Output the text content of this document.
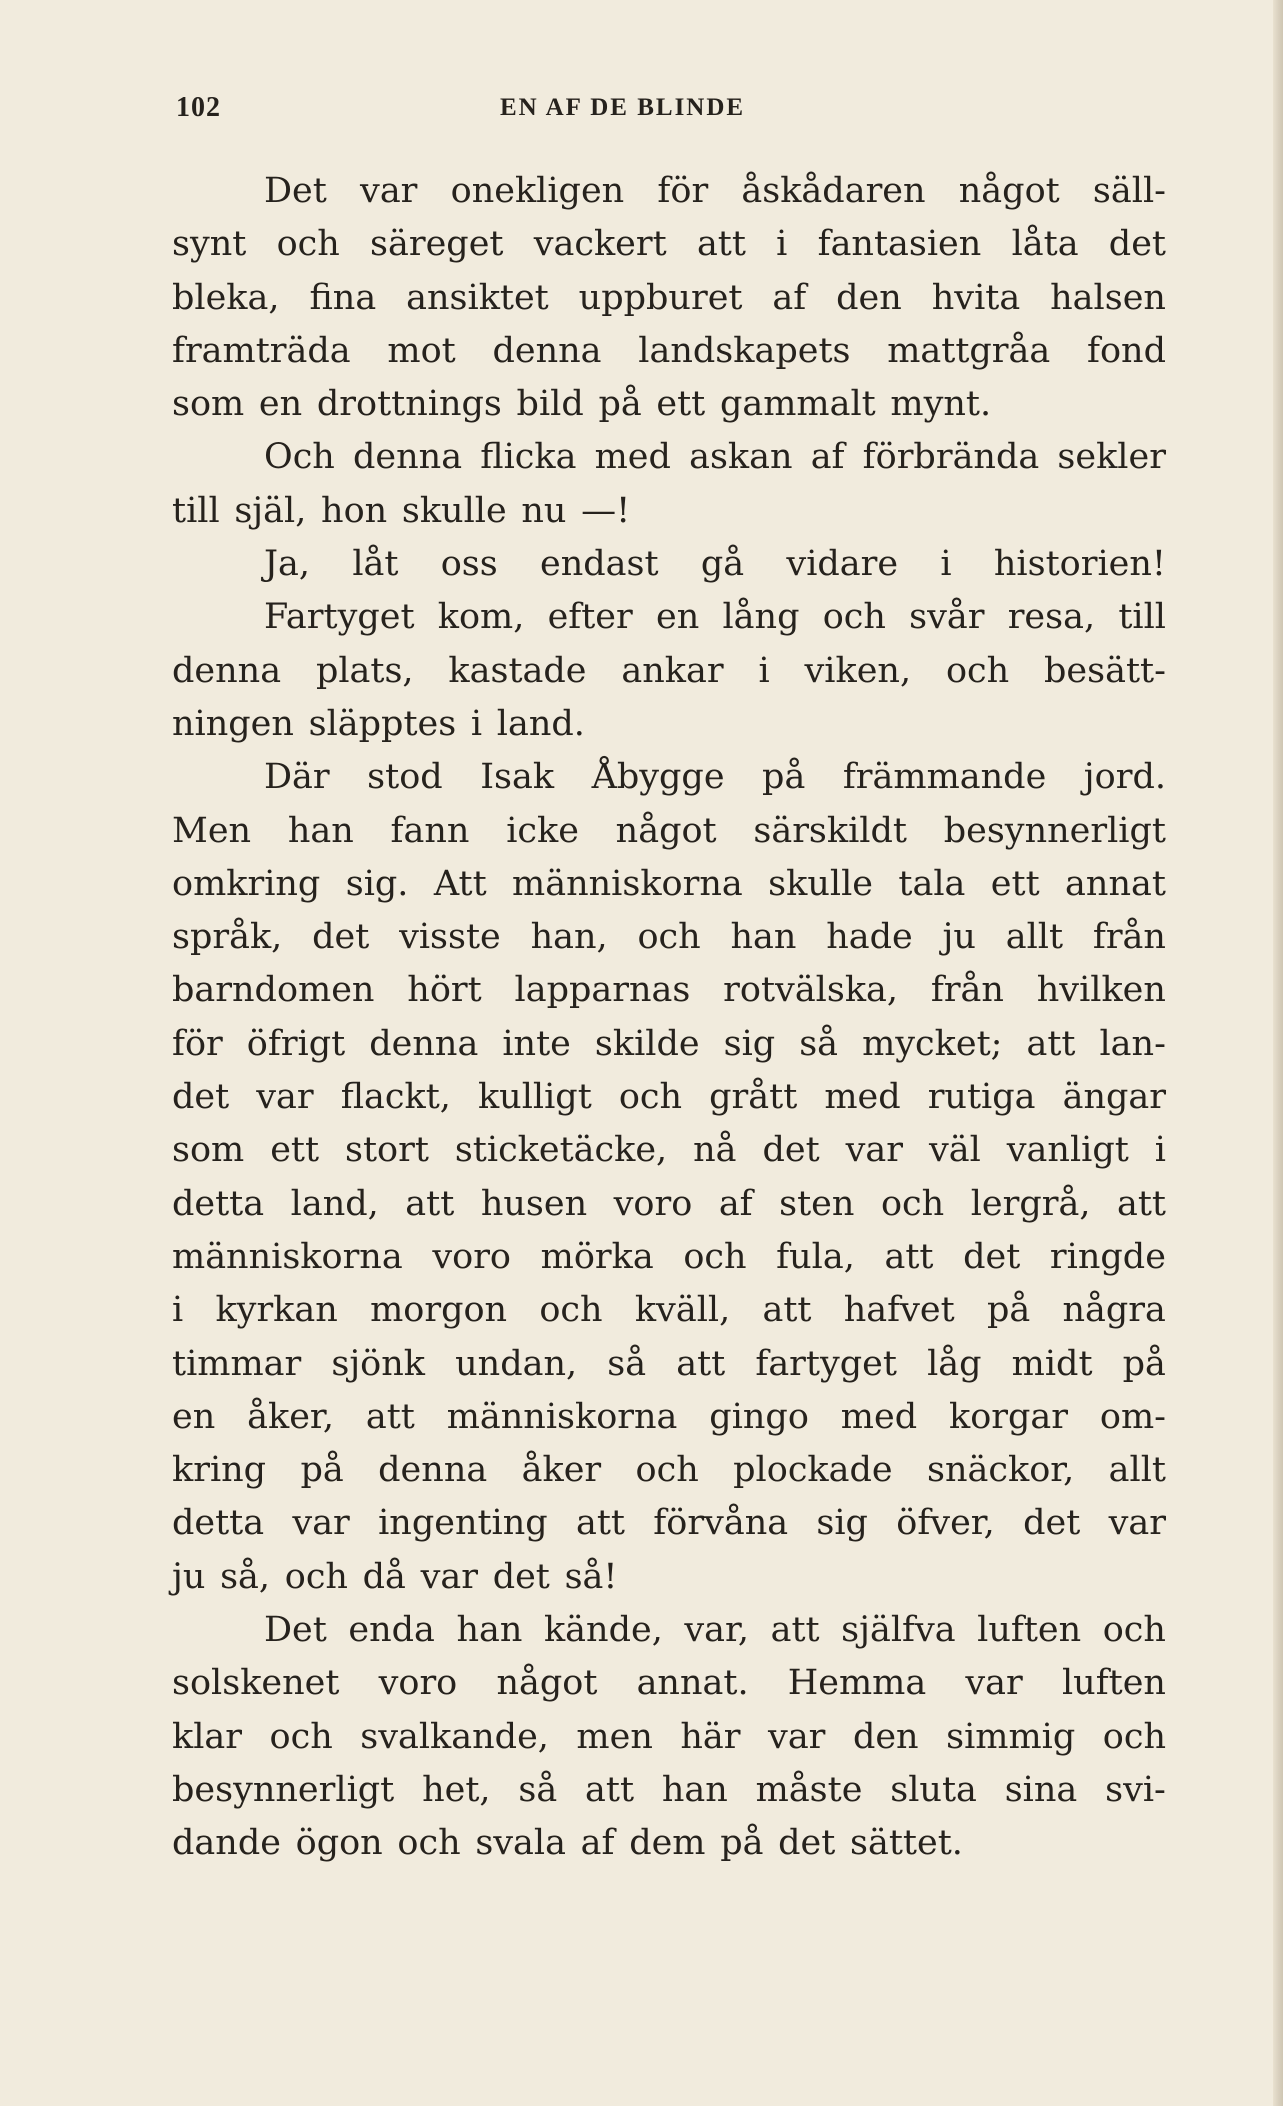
102	EN AF DE BLINDE
Det var onekligen för åskådaren något säll-
synt och säreget vackert att i fantasien låta det
bleka, fina ansiktet uppburet af den hvita halsen
framträda mot denna landskapets mattgråa fond
som en drottnings bild på ett gammalt mynt.
Och denna flicka med askan af förbrända sekler
till själ, hon skulle nu —!
Ja, låt oss endast gå vidare i historien!
Fartyget kom, efter en lång och svår resa, till
denna plats, kastade ankar i viken, och besätt-
ningen släpptes i land.
Där stod Isak Åbygge på främmande jord.
Men han fann icke något särskildt besynnerligt
omkring sig. Att människorna skulle tala ett annat
språk, det visste han, och han hade ju allt från
barndomen hört lapparnas rotvälska, från hvilken
för öfrigt denna inte skilde sig så mycket; att lan-
det var flackt, kulligt och grått med rutiga ängar
som ett stort sticketäcke, nå det var väl vanligt i
detta land, att husen voro af sten och lergrå, att
människorna voro mörka och fula, att det ringde
i kyrkan morgon och kväll, att hafvet på några
timmar sjönk undan, så att fartyget låg midt på
en åker, att människorna gingo med korgar om-
kring på denna åker och plockade snäckor, allt
detta var ingenting att förvåna sig öfver, det var
ju så, och då var det så!
Det enda han kände, var, att själfva luften och
solskenet voro något annat. Hemma var luften
klar och svalkande, men här var den simmig och
besynnerligt het, så att han måste sluta sina svi-
dande ögon och svala af dem på det sättet.
